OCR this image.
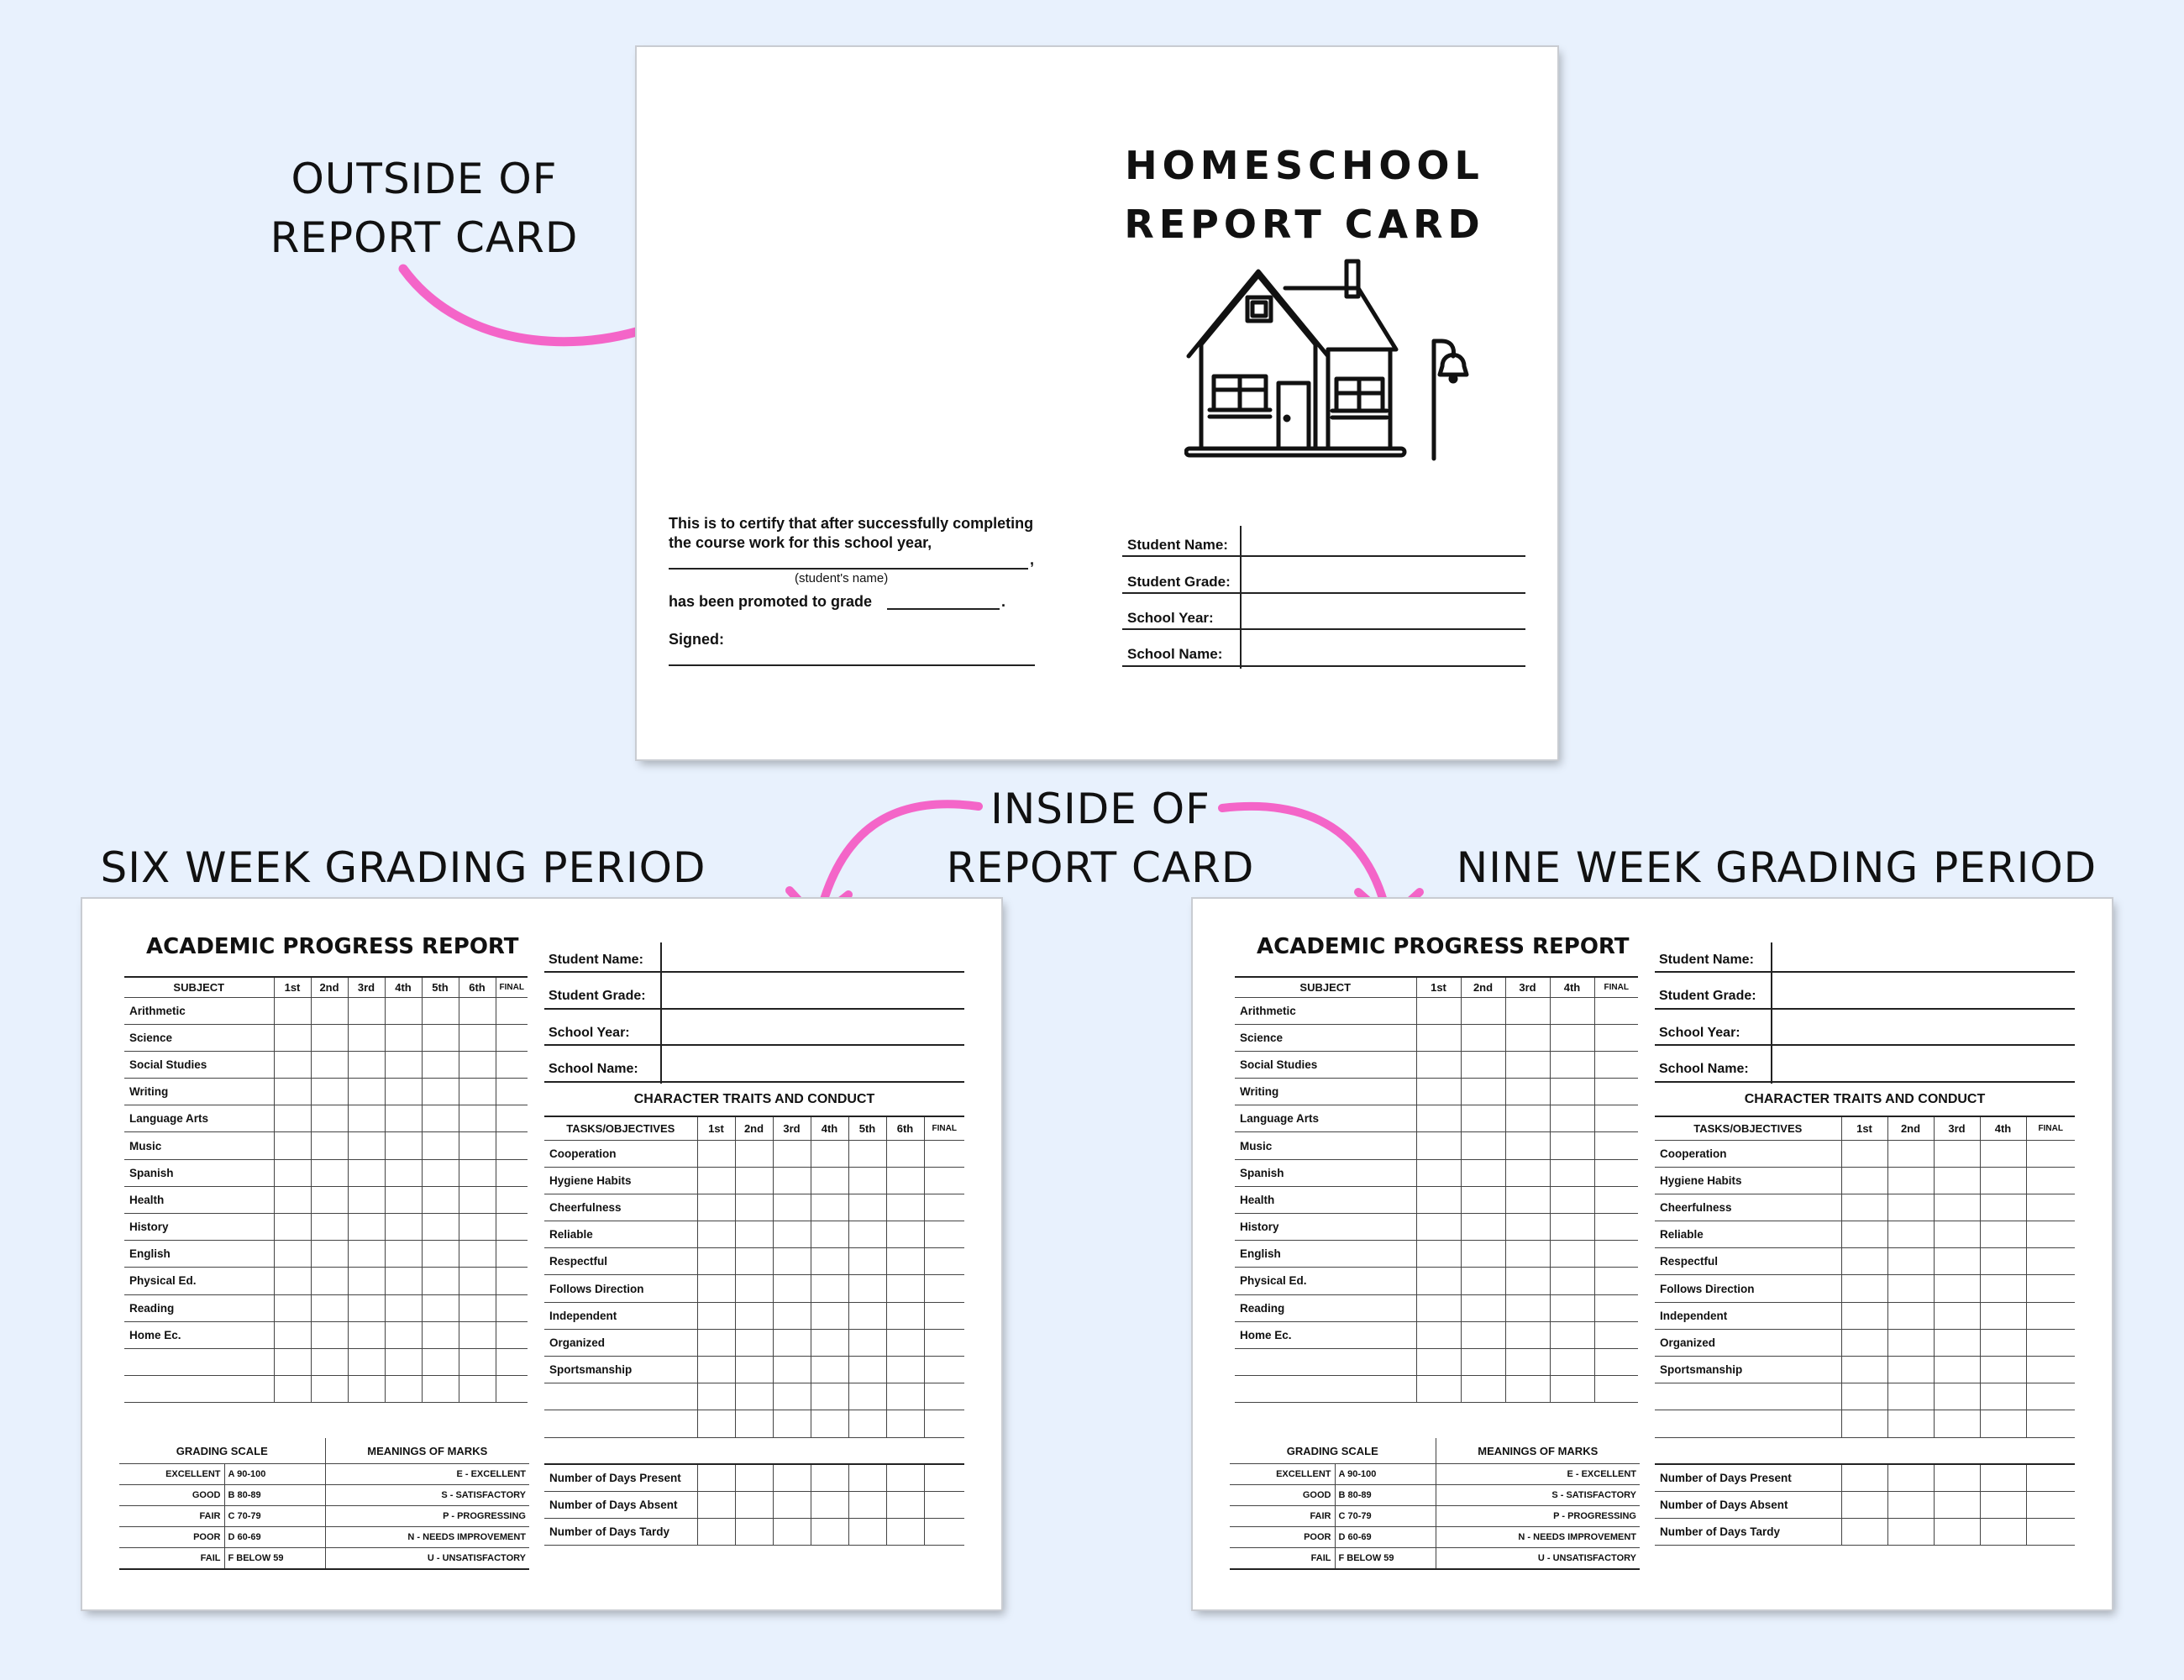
OUTSIDE OF
REPORT CARD
INSIDE OF
REPORT CARD
SIX WEEK GRADING PERIOD	NINE WEEK GRADING PERIOD
HOMESCHOOL
REPORT CARD
This is to certify that after successfully completing
the course work for this school year,
,
(student's name)
has been promoted to grade	.
Signed:
Student Name:
Student Grade:
School Year:
School Name:
ACADEMIC PROGRESS REPORT
SUBJECT	1st	2nd	3rd	4th	5th	6th	FINAL
Arithmetic							
Science							
Social Studies							
Writing							
Language Arts							
Music							
Spanish							
Health							
History							
English							
Physical Ed.							
Reading							
Home Ec.							

Student Name:
Student Grade:
School Year:
School Name:
CHARACTER TRAITS AND CONDUCT
TASKS/OBJECTIVES	1st	2nd	3rd	4th	5th	6th	FINAL
Cooperation							
Hygiene Habits							
Cheerfulness							
Reliable							
Respectful							
Follows Direction							
Independent							
Organized							
Sportsmanship							

Number of Days Present							
Number of Days Absent							
Number of Days Tardy							
GRADING SCALE		MEANINGS OF MARKS
EXCELLENT	A 90-100	E - EXCELLENT
GOOD	B 80-89	S - SATISFACTORY
FAIR	C 70-79	P - PROGRESSING
POOR	D 60-69	N - NEEDS IMPROVEMENT
FAIL	F BELOW 59	U - UNSATISFACTORY
ACADEMIC PROGRESS REPORT
SUBJECT	1st	2nd	3rd	4th	FINAL
Arithmetic					
Science					
Social Studies					
Writing					
Language Arts					
Music					
Spanish					
Health					
History					
English					
Physical Ed.					
Reading					
Home Ec.					

Student Name:
Student Grade:
School Year:
School Name:
CHARACTER TRAITS AND CONDUCT
TASKS/OBJECTIVES	1st	2nd	3rd	4th	FINAL
Cooperation					
Hygiene Habits					
Cheerfulness					
Reliable					
Respectful					
Follows Direction					
Independent					
Organized					
Sportsmanship					

Number of Days Present					
Number of Days Absent					
Number of Days Tardy					
GRADING SCALE		MEANINGS OF MARKS
EXCELLENT	A 90-100	E - EXCELLENT
GOOD	B 80-89	S - SATISFACTORY
FAIR	C 70-79	P - PROGRESSING
POOR	D 60-69	N - NEEDS IMPROVEMENT
FAIL	F BELOW 59	U - UNSATISFACTORY
